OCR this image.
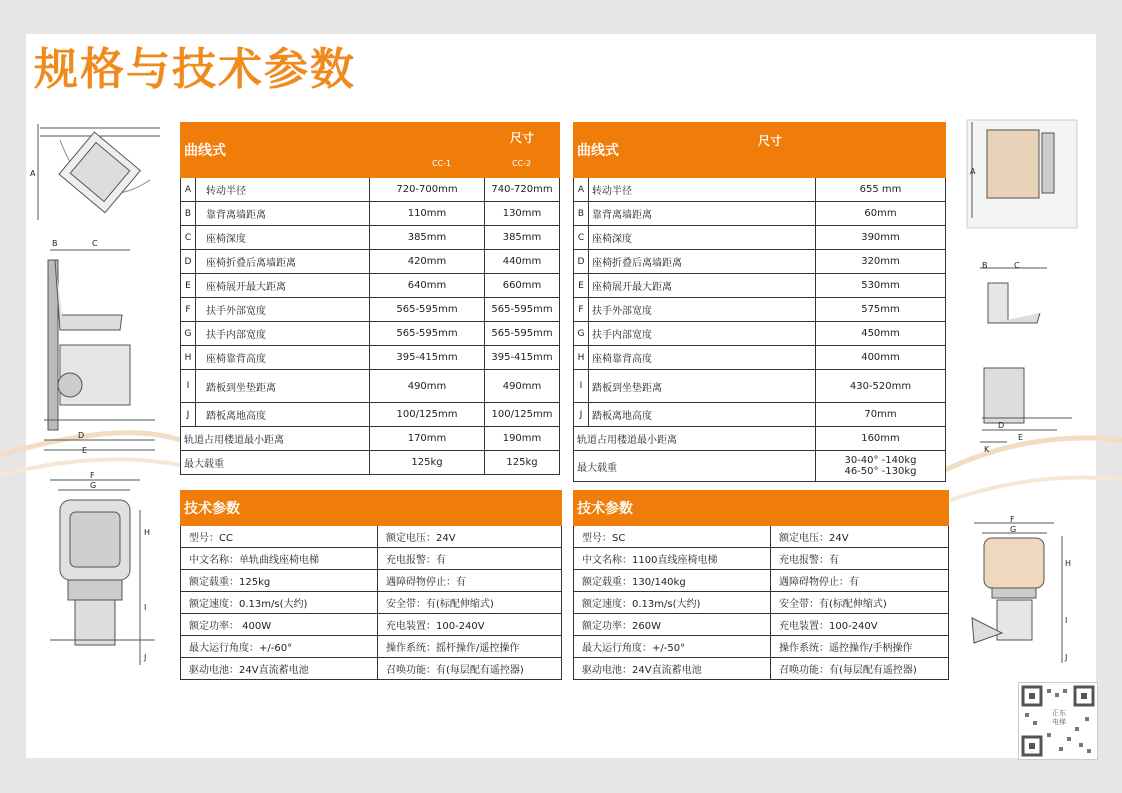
规格与技术参数
A
B	C
D
E
F
G
H
I
J
A
B	C
D
E
K
F
G
H
I
J
曲线式		尺寸
CC-1 CC-2	

A	转动半径	720-700mm	740-720mm
B	靠背离墙距离	110mm	130mm
C	座椅深度	385mm	385mm
D	座椅折叠后离墙距离	420mm	440mm
E	座椅展开最大距离	640mm	660mm
F	扶手外部宽度	565-595mm	565-595mm
G	扶手内部宽度	565-595mm	565-595mm
H	座椅靠背高度	395-415mm	395-415mm
I	踏板到坐垫距离	490mm	490mm
J	踏板离地高度	100/125mm	100/125mm
轨道占用楼道最小距离		170mm	190mm
最大载重		125kg	125kg
曲线式		尺寸
A	转动半径	655 mm
B	靠背离墙距离	60mm
C	座椅深度	390mm
D	座椅折叠后离墙距离	320mm
E	座椅展开最大距离	530mm
F	扶手外部宽度	575mm
G	扶手内部宽度	450mm
H	座椅靠背高度	400mm
I	踏板到坐垫距离	430-520mm
J	踏板离地高度	70mm
轨道占用楼道最小距离		160mm
最大载重		30-40° -140kg
46-50° -130kg
技术参数	
型号：CC	额定电压：24V
中文名称：单轨曲线座椅电梯	充电报警：有
额定载重：125kg	遇障碍物停止：有
额定速度：0.13m/s(大约)	安全带：有(标配伸缩式)
额定功率： 400W	充电装置：100-240V
最大运行角度：+/-60°	操作系统：摇杆操作/遥控操作
驱动电池：24V直流蓄电池	召唤功能：有(每层配有遥控器)
技术参数	
型号：SC	额定电压：24V
中文名称：1100直线座椅电梯	充电报警：有
额定载重：130/140kg	遇障碍物停止：有
额定速度：0.13m/s(大约)	安全带：有(标配伸缩式)
额定功率：260W	充电装置：100-240V
最大运行角度：+/-50°	操作系统：遥控操作/手柄操作
驱动电池：24V直流蓄电池	召唤功能：有(每层配有遥控器)
正东
电梯
